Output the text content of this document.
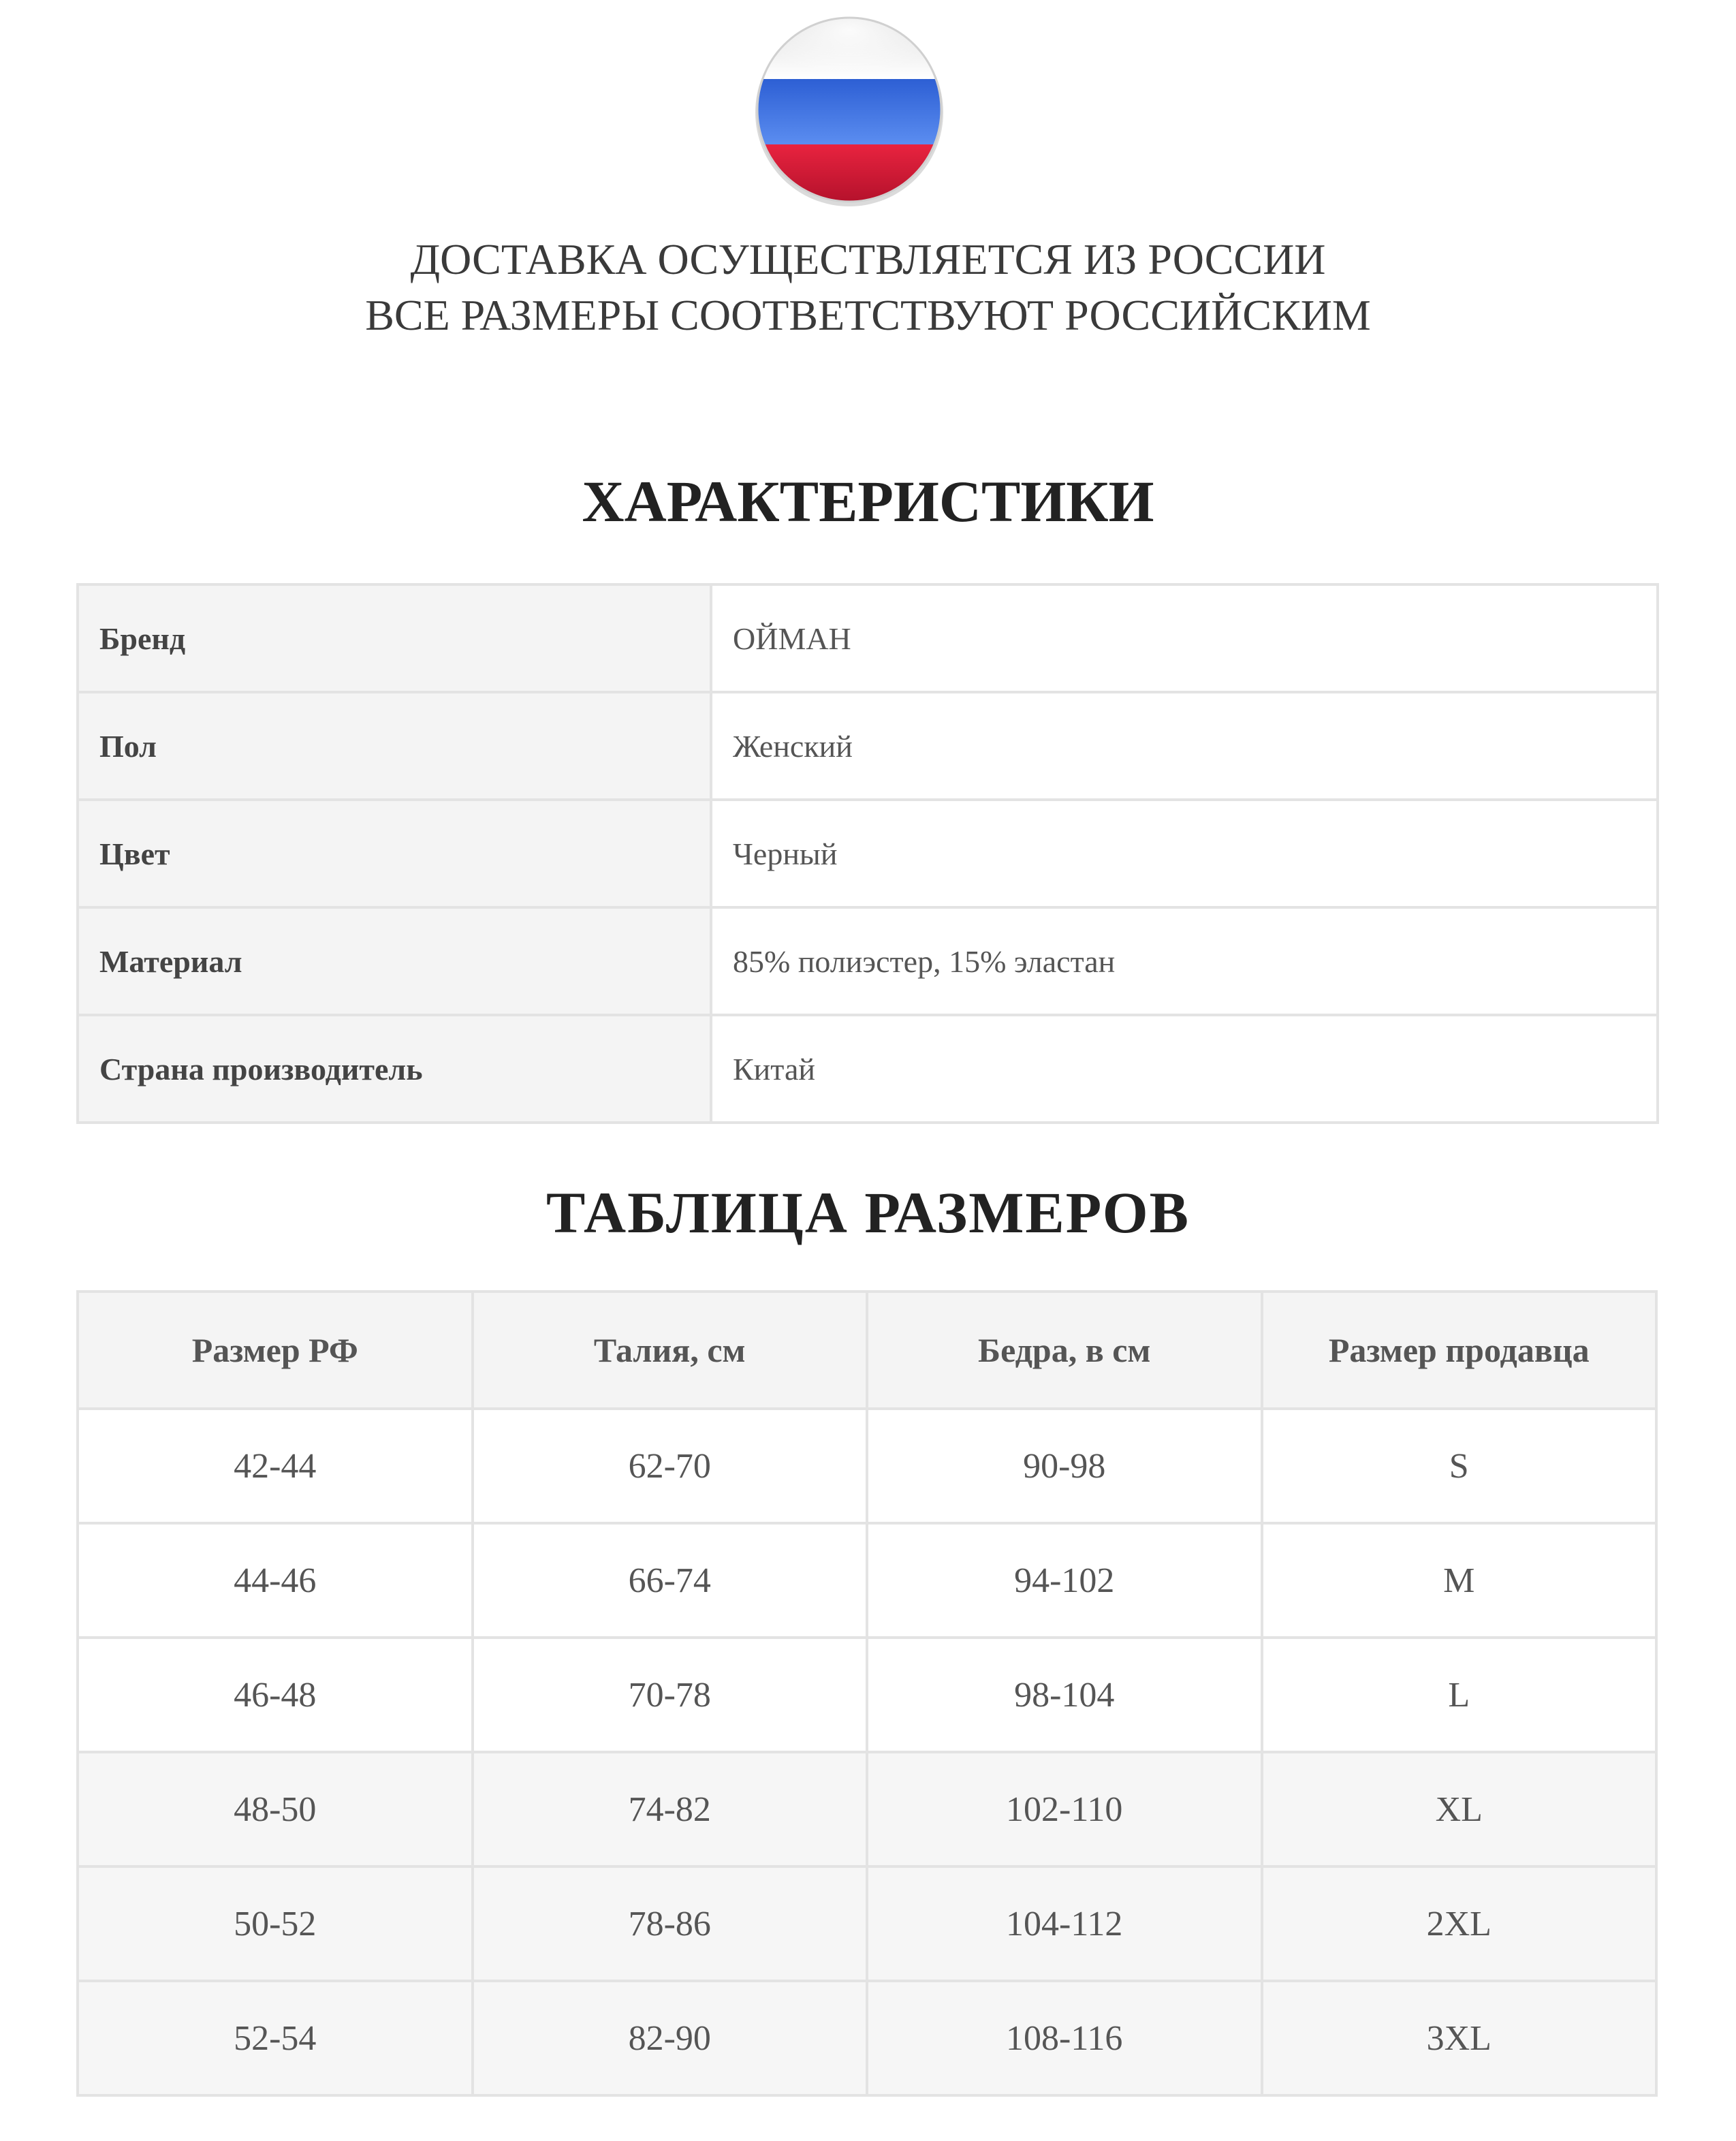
ДОСТАВКА ОСУЩЕСТВЛЯЕТСЯ ИЗ РОССИИ
ВСЕ РАЗМЕРЫ СООТВЕТСТВУЮТ РОССИЙСКИМ
ХАРАКТЕРИСТИКИ
Бренд	ОЙМАН
Пол	Женский
Цвет	Черный
Материал	85% полиэстер, 15% эластан
Страна производитель	Китай
ТАБЛИЦА РАЗМЕРОВ
Размер РФ	Талия, см	Бедра, в см	Размер продавца
42-44	62-70	90-98	S
44-46	66-74	94-102	M
46-48	70-78	98-104	L
48-50	74-82	102-110	XL
50-52	78-86	104-112	2XL
52-54	82-90	108-116	3XL
